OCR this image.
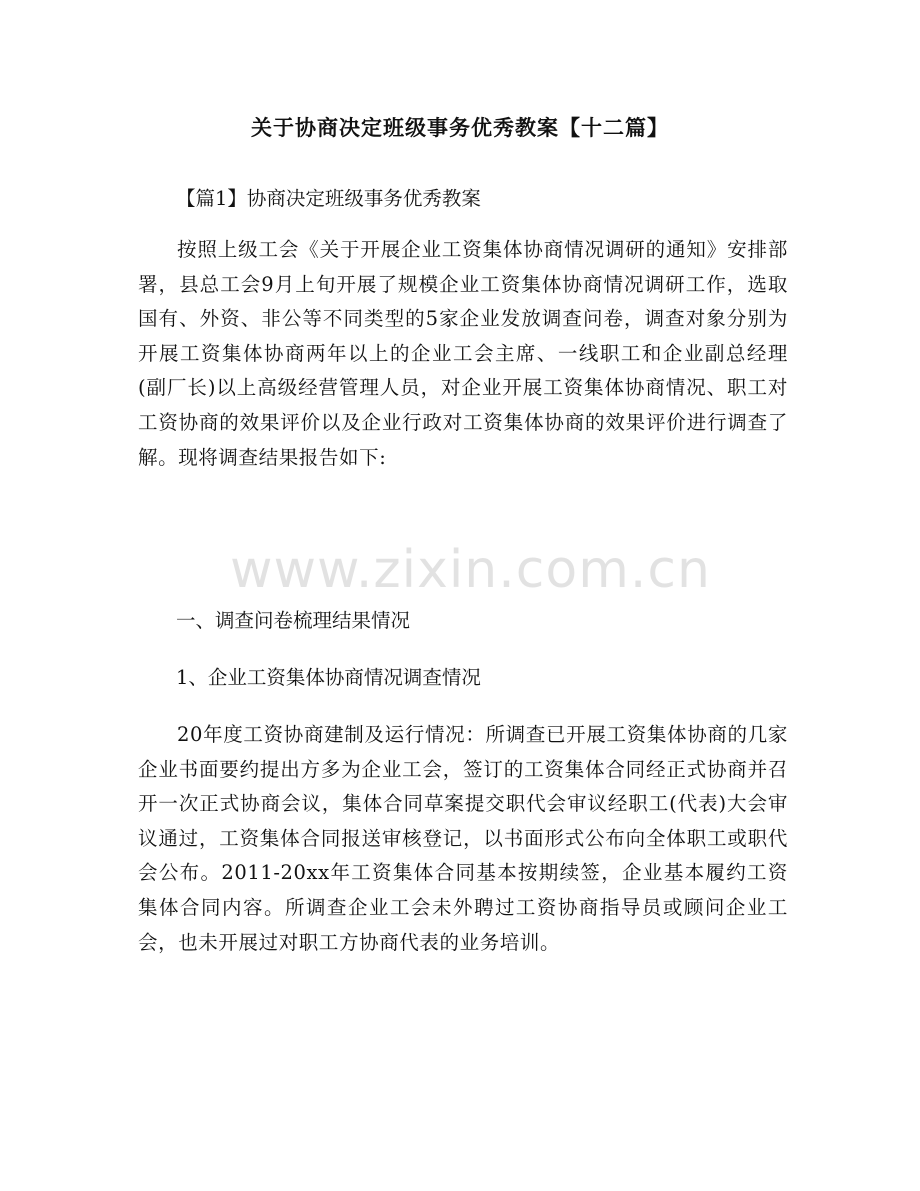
关于协商决定班级事务优秀教案【十二篇】

【篇1】协商决定班级事务优秀教案

按照上级工会《关于开展企业工资集体协商情况调研的通知》安排部署，县总工会9月上旬开展了规模企业工资集体协商情况调研工作，选取国有、外资、非公等不同类型的5家企业发放调查问卷，调查对象分别为开展工资集体协商两年以上的企业工会主席、一线职工和企业副总经理(副厂长)以上高级经营管理人员，对企业开展工资集体协商情况、职工对工资协商的效果评价以及企业行政对工资集体协商的效果评价进行调查了解。现将调查结果报告如下:

一、调查问卷梳理结果情况

1、企业工资集体协商情况调查情况

20年度工资协商建制及运行情况：所调查已开展工资集体协商的几家企业书面要约提出方多为企业工会，签订的工资集体合同经正式协商并召开一次正式协商会议，集体合同草案提交职代会审议经职工(代表)大会审议通过，工资集体合同报送审核登记，以书面形式公布向全体职工或职代会公布。2011-20xx年工资集体合同基本按期续签，企业基本履约工资集体合同内容。所调查企业工会未外聘过工资协商指导员或顾问企业工会，也未开展过对职工方协商代表的业务培训。

www.zixin.com.cn
